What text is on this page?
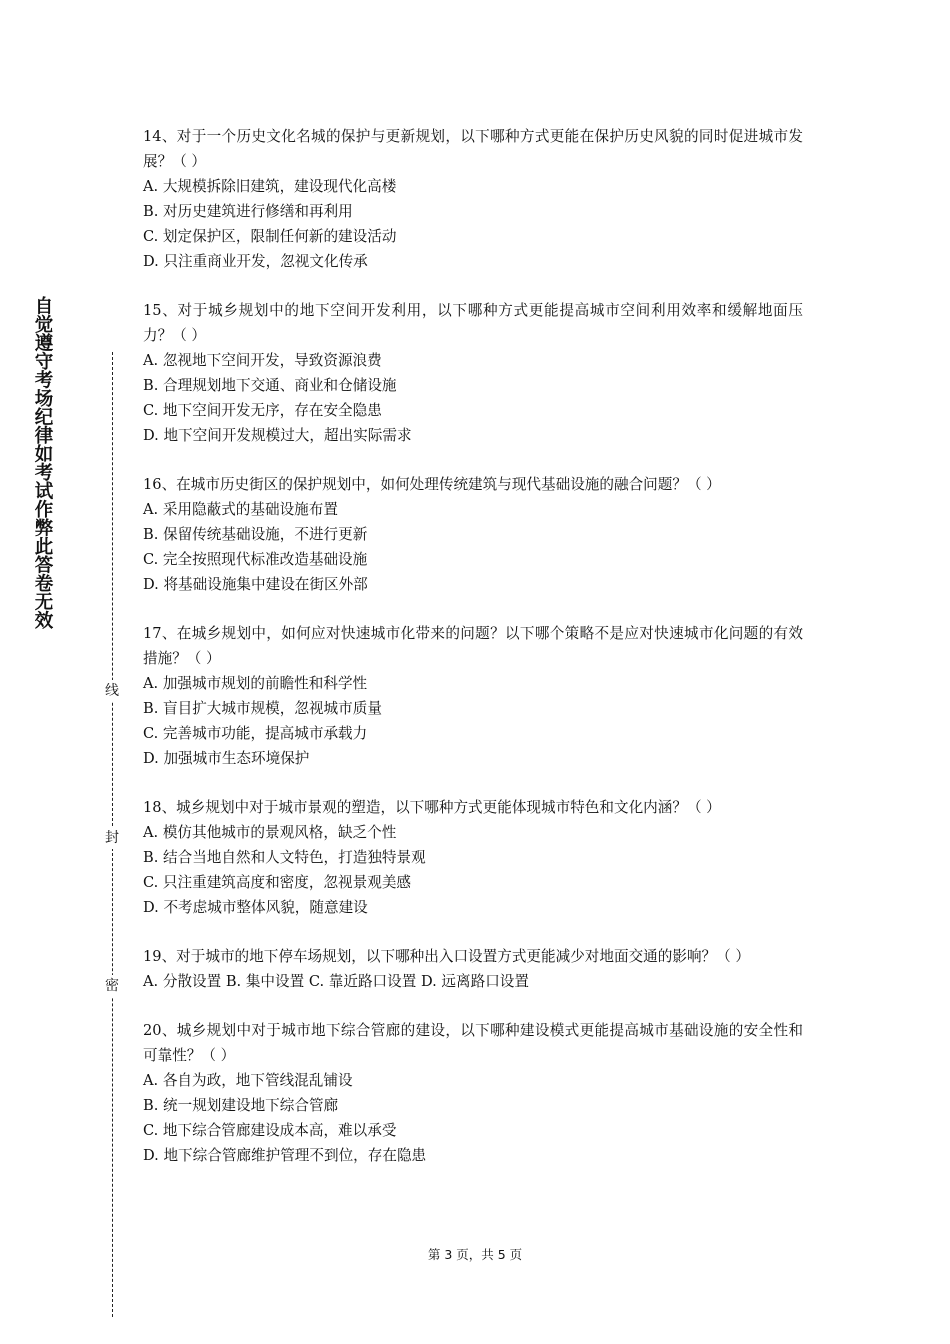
自觉遵守考场纪律如考试作弊此答卷无效
线
封
密
14、对于一个历史文化名城的保护与更新规划，以下哪种方式更能在保护历史风貌的同时促进城市发展？（ ）
A. 大规模拆除旧建筑，建设现代化高楼
B. 对历史建筑进行修缮和再利用
C. 划定保护区，限制任何新的建设活动
D. 只注重商业开发，忽视文化传承
15、对于城乡规划中的地下空间开发利用，以下哪种方式更能提高城市空间利用效率和缓解地面压力？（ ）
A. 忽视地下空间开发，导致资源浪费
B. 合理规划地下交通、商业和仓储设施
C. 地下空间开发无序，存在安全隐患
D. 地下空间开发规模过大，超出实际需求
16、在城市历史街区的保护规划中，如何处理传统建筑与现代基础设施的融合问题？（ ）
A. 采用隐蔽式的基础设施布置
B. 保留传统基础设施，不进行更新
C. 完全按照现代标准改造基础设施
D. 将基础设施集中建设在街区外部
17、在城乡规划中，如何应对快速城市化带来的问题？以下哪个策略不是应对快速城市化问题的有效措施？（ ）
A. 加强城市规划的前瞻性和科学性
B. 盲目扩大城市规模，忽视城市质量
C. 完善城市功能，提高城市承载力
D. 加强城市生态环境保护
18、城乡规划中对于城市景观的塑造，以下哪种方式更能体现城市特色和文化内涵？（ ）
A. 模仿其他城市的景观风格，缺乏个性
B. 结合当地自然和人文特色，打造独特景观
C. 只注重建筑高度和密度，忽视景观美感
D. 不考虑城市整体风貌，随意建设
19、对于城市的地下停车场规划，以下哪种出入口设置方式更能减少对地面交通的影响？（ ）
A. 分散设置 B. 集中设置 C. 靠近路口设置 D. 远离路口设置
20、城乡规划中对于城市地下综合管廊的建设，以下哪种建设模式更能提高城市基础设施的安全性和可靠性？（ ）
A. 各自为政，地下管线混乱铺设
B. 统一规划建设地下综合管廊
C. 地下综合管廊建设成本高，难以承受
D. 地下综合管廊维护管理不到位，存在隐患
第 3 页，共 5 页
